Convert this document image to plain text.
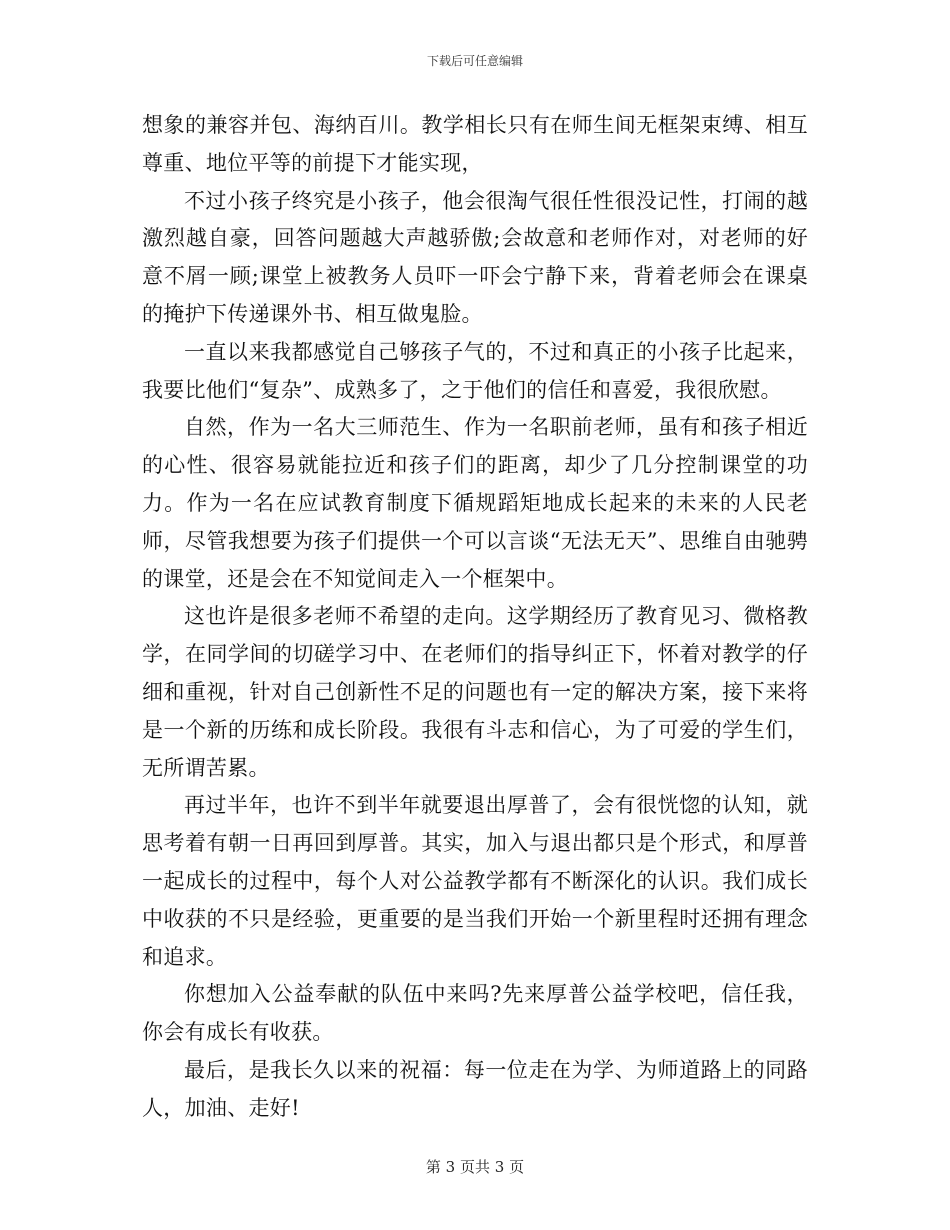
下载后可任意编辑

想象的兼容并包、海纳百川。教学相长只有在师生间无框架束缚、相互尊重、地位平等的前提下才能实现，

不过小孩子终究是小孩子，他会很淘气很任性很没记性，打闹的越激烈越自豪，回答问题越大声越骄傲;会故意和老师作对，对老师的好意不屑一顾;课堂上被教务人员吓一吓会宁静下来，背着老师会在课桌的掩护下传递课外书、相互做鬼脸。

一直以来我都感觉自己够孩子气的，不过和真正的小孩子比起来，我要比他们“复杂”、成熟多了，之于他们的信任和喜爱，我很欣慰。

自然，作为一名大三师范生、作为一名职前老师，虽有和孩子相近的心性、很容易就能拉近和孩子们的距离，却少了几分控制课堂的功力。作为一名在应试教育制度下循规蹈矩地成长起来的未来的人民老师，尽管我想要为孩子们提供一个可以言谈“无法无天”、思维自由驰骋的课堂，还是会在不知觉间走入一个框架中。

这也许是很多老师不希望的走向。这学期经历了教育见习、微格教学，在同学间的切磋学习中、在老师们的指导纠正下，怀着对教学的仔细和重视，针对自己创新性不足的问题也有一定的解决方案，接下来将是一个新的历练和成长阶段。我很有斗志和信心，为了可爱的学生们，无所谓苦累。

再过半年，也许不到半年就要退出厚普了，会有很恍惚的认知，就思考着有朝一日再回到厚普。其实，加入与退出都只是个形式，和厚普一起成长的过程中，每个人对公益教学都有不断深化的认识。我们成长中收获的不只是经验，更重要的是当我们开始一个新里程时还拥有理念和追求。

你想加入公益奉献的队伍中来吗?先来厚普公益学校吧，信任我，你会有成长有收获。

最后，是我长久以来的祝福：每一位走在为学、为师道路上的同路人，加油、走好!

第 3 页共 3 页
